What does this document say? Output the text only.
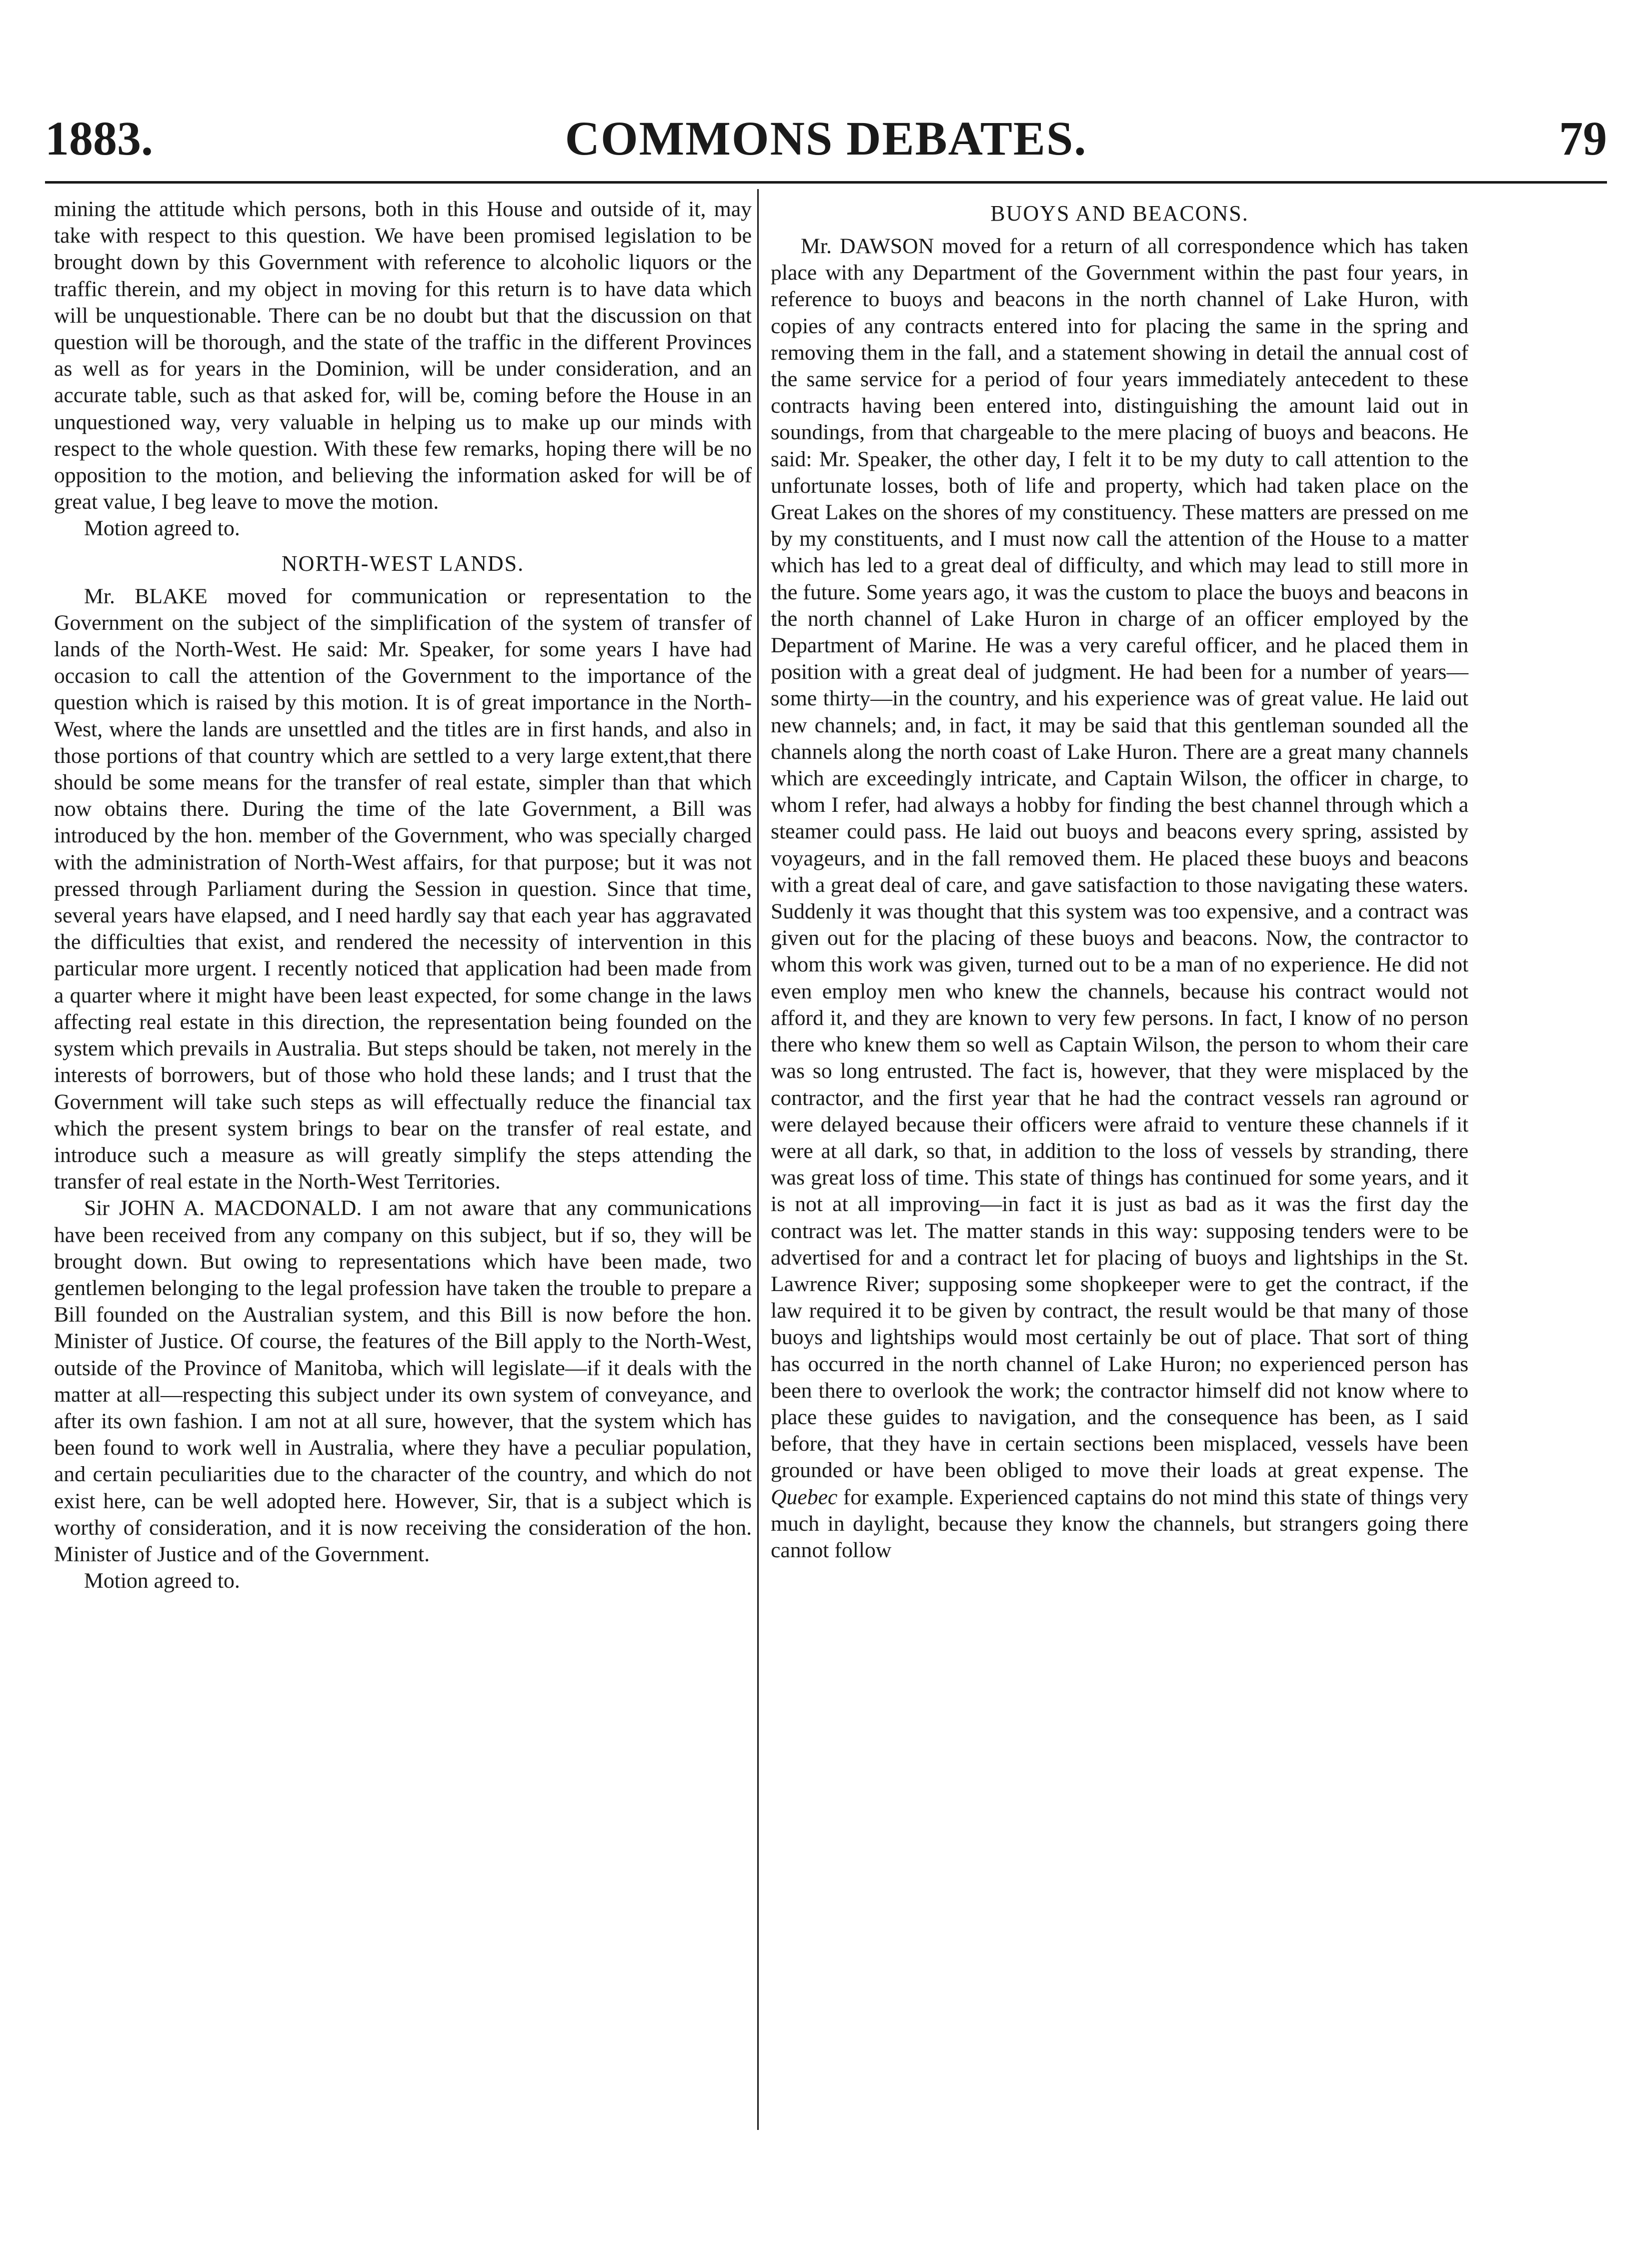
1883.	COMMONS DEBATES.	79

mining the attitude which persons, both in this House and outside of it, may take with respect to this question. We have been promised legislation to be brought down by this Government with reference to alcoholic liquors or the traffic therein, and my object in moving for this return is to have data which will be unquestionable. There can be no doubt but that the discussion on that question will be thorough, and the state of the traffic in the different Provinces as well as for years in the Dominion, will be under consideration, and an accurate table, such as that asked for, will be, coming before the House in an unquestioned way, very valuable in helping us to make up our minds with respect to the whole question. With these few remarks, hoping there will be no opposition to the motion, and believing the information asked for will be of great value, I beg leave to move the motion.

Motion agreed to.

NORTH-WEST LANDS.

Mr. BLAKE moved for communication or representation to the Government on the subject of the simplification of the system of transfer of lands of the North-West. He said: Mr. Speaker, for some years I have had occasion to call the attention of the Government to the importance of the question which is raised by this motion. It is of great importance in the North-West, where the lands are unsettled and the titles are in first hands, and also in those portions of that country which are settled to a very large extent,that there should be some means for the transfer of real estate, simpler than that which now obtains there. During the time of the late Government, a Bill was introduced by the hon. member of the Government, who was specially charged with the administration of North-West affairs, for that purpose; but it was not pressed through Parliament during the Session in question. Since that time, several years have elapsed, and I need hardly say that each year has aggravated the difficulties that exist, and rendered the necessity of intervention in this particular more urgent. I recently noticed that application had been made from a quarter where it might have been least expected, for some change in the laws affecting real estate in this direction, the representation being founded on the system which prevails in Australia. But steps should be taken, not merely in the interests of borrowers, but of those who hold these lands; and I trust that the Government will take such steps as will effectually reduce the financial tax which the present system brings to bear on the transfer of real estate, and introduce such a measure as will greatly simplify the steps attending the transfer of real estate in the North-West Territories.

Sir JOHN A. MACDONALD. I am not aware that any communications have been received from any company on this subject, but if so, they will be brought down. But owing to representations which have been made, two gentlemen belonging to the legal profession have taken the trouble to prepare a Bill founded on the Australian system, and this Bill is now before the hon. Minister of Justice. Of course, the features of the Bill apply to the North-West, outside of the Province of Manitoba, which will legislate—if it deals with the matter at all—respecting this subject under its own system of conveyance, and after its own fashion. I am not at all sure, however, that the system which has been found to work well in Australia, where they have a peculiar population, and certain peculiarities due to the character of the country, and which do not exist here, can be well adopted here. However, Sir, that is a subject which is worthy of consideration, and it is now receiving the consideration of the hon. Minister of Justice and of the Government.

Motion agreed to.

BUOYS AND BEACONS.

Mr. DAWSON moved for a return of all correspondence which has taken place with any Department of the Government within the past four years, in reference to buoys and beacons in the north channel of Lake Huron, with copies of any contracts entered into for placing the same in the spring and removing them in the fall, and a statement showing in detail the annual cost of the same service for a period of four years immediately antecedent to these contracts having been entered into, distinguishing the amount laid out in soundings, from that chargeable to the mere placing of buoys and beacons. He said: Mr. Speaker, the other day, I felt it to be my duty to call attention to the unfortunate losses, both of life and property, which had taken place on the Great Lakes on the shores of my constituency. These matters are pressed on me by my constituents, and I must now call the attention of the House to a matter which has led to a great deal of difficulty, and which may lead to still more in the future. Some years ago, it was the custom to place the buoys and beacons in the north channel of Lake Huron in charge of an officer employed by the Department of Marine. He was a very careful officer, and he placed them in position with a great deal of judgment. He had been for a number of years—some thirty—in the country, and his experience was of great value. He laid out new channels; and, in fact, it may be said that this gentleman sounded all the channels along the north coast of Lake Huron. There are a great many channels which are exceedingly intricate, and Captain Wilson, the officer in charge, to whom I refer, had always a hobby for finding the best channel through which a steamer could pass. He laid out buoys and beacons every spring, assisted by voyageurs, and in the fall removed them. He placed these buoys and beacons with a great deal of care, and gave satisfaction to those navigating these waters. Suddenly it was thought that this system was too expensive, and a contract was given out for the placing of these buoys and beacons. Now, the contractor to whom this work was given, turned out to be a man of no experience. He did not even employ men who knew the channels, because his contract would not afford it, and they are known to very few persons. In fact, I know of no person there who knew them so well as Captain Wilson, the person to whom their care was so long entrusted. The fact is, however, that they were misplaced by the contractor, and the first year that he had the contract vessels ran aground or were delayed because their officers were afraid to venture these channels if it were at all dark, so that, in addition to the loss of vessels by stranding, there was great loss of time. This state of things has continued for some years, and it is not at all improving—in fact it is just as bad as it was the first day the contract was let. The matter stands in this way: supposing tenders were to be advertised for and a contract let for placing of buoys and lightships in the St. Lawrence River; supposing some shopkeeper were to get the contract, if the law required it to be given by contract, the result would be that many of those buoys and lightships would most certainly be out of place. That sort of thing has occurred in the north channel of Lake Huron; no experienced person has been there to overlook the work; the contractor himself did not know where to place these guides to navigation, and the consequence has been, as I said before, that they have in certain sections been misplaced, vessels have been grounded or have been obliged to move their loads at great expense. The Quebec for example. Experienced captains do not mind this state of things very much in daylight, because they know the channels, but strangers going there cannot follow
